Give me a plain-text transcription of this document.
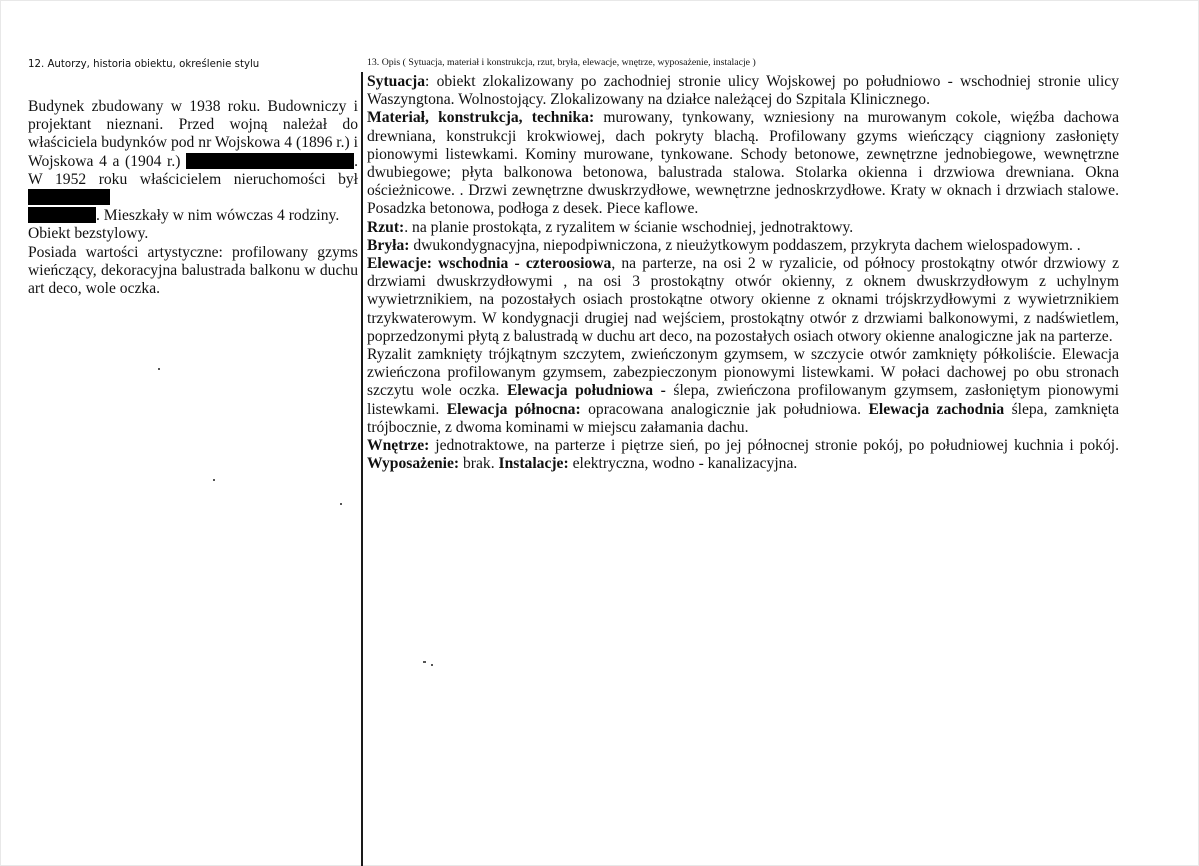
12. Autorzy, historia obiektu, określenie stylu

Budynek zbudowany w 1938 roku. Budowniczy i projektant nieznani. Przed wojną należał do właściciela budynków pod nr Wojskowa 4 (1896 r.) i Wojskowa 4 a (1904 r.)	. W 1952 roku właścicielem nieruchomości był
. Mieszkały w nim wówczas 4 rodziny.

Obiekt bezstylowy.

Posiada wartości artystyczne: profilowany gzyms wieńczący, dekoracyjna balustrada balkonu w duchu art deco, wole oczka.

13. Opis ( Sytuacja, materiał i konstrukcja, rzut, bryła, elewacje, wnętrze, wyposażenie, instalacje )

Sytuacja: obiekt zlokalizowany po zachodniej stronie ulicy Wojskowej po południowo - wschodniej stronie ulicy Waszyngtona. Wolnostojący. Zlokalizowany na działce należącej do Szpitala Klinicznego.

Materiał, konstrukcja, technika: murowany, tynkowany, wzniesiony na murowanym cokole, więźba dachowa drewniana, konstrukcji krokwiowej, dach pokryty blachą. Profilowany gzyms wieńczący ciągniony zasłonięty pionowymi listewkami. Kominy murowane, tynkowane. Schody betonowe, zewnętrzne jednobiegowe, wewnętrzne dwubiegowe; płyta balkonowa betonowa, balustrada stalowa. Stolarka okienna i drzwiowa drewniana. Okna ościeżnicowe. . Drzwi zewnętrzne dwuskrzydłowe, wewnętrzne jednoskrzydłowe. Kraty w oknach i drzwiach stalowe. Posadzka betonowa, podłoga z desek. Piece kaflowe.

Rzut:. na planie prostokąta, z ryzalitem w ścianie wschodniej, jednotraktowy.

Bryła: dwukondygnacyjna, niepodpiwniczona, z nieużytkowym poddaszem, przykryta dachem wielospadowym. .

Elewacje: wschodnia - czteroosiowa, na parterze, na osi 2 w ryzalicie, od północy prostokątny otwór drzwiowy z drzwiami dwuskrzydłowymi , na osi 3 prostokątny otwór okienny, z oknem dwuskrzydłowym z uchylnym wywietrznikiem, na pozostałych osiach prostokątne otwory okienne z oknami trójskrzydłowymi z wywietrznikiem trzykwaterowym. W kondygnacji drugiej nad wejściem, prostokątny otwór z drzwiami balkonowymi, z nadświetlem, poprzedzonymi płytą z balustradą w duchu art deco, na pozostałych osiach otwory okienne analogiczne jak na parterze.

Ryzalit zamknięty trójkątnym szczytem, zwieńczonym gzymsem, w szczycie otwór zamknięty półkoliście. Elewacja zwieńczona profilowanym gzymsem, zabezpieczonym pionowymi listewkami. W połaci dachowej po obu stronach szczytu wole oczka. Elewacja południowa - ślepa, zwieńczona profilowanym gzymsem, zasłoniętym pionowymi listewkami. Elewacja północna: opracowana analogicznie jak południowa. Elewacja zachodnia ślepa, zamknięta trójbocznie, z dwoma kominami w miejscu załamania dachu.

Wnętrze: jednotraktowe, na parterze i piętrze sień, po jej północnej stronie pokój, po południowej kuchnia i pokój. Wyposażenie: brak. Instalacje: elektryczna, wodno - kanalizacyjna.
